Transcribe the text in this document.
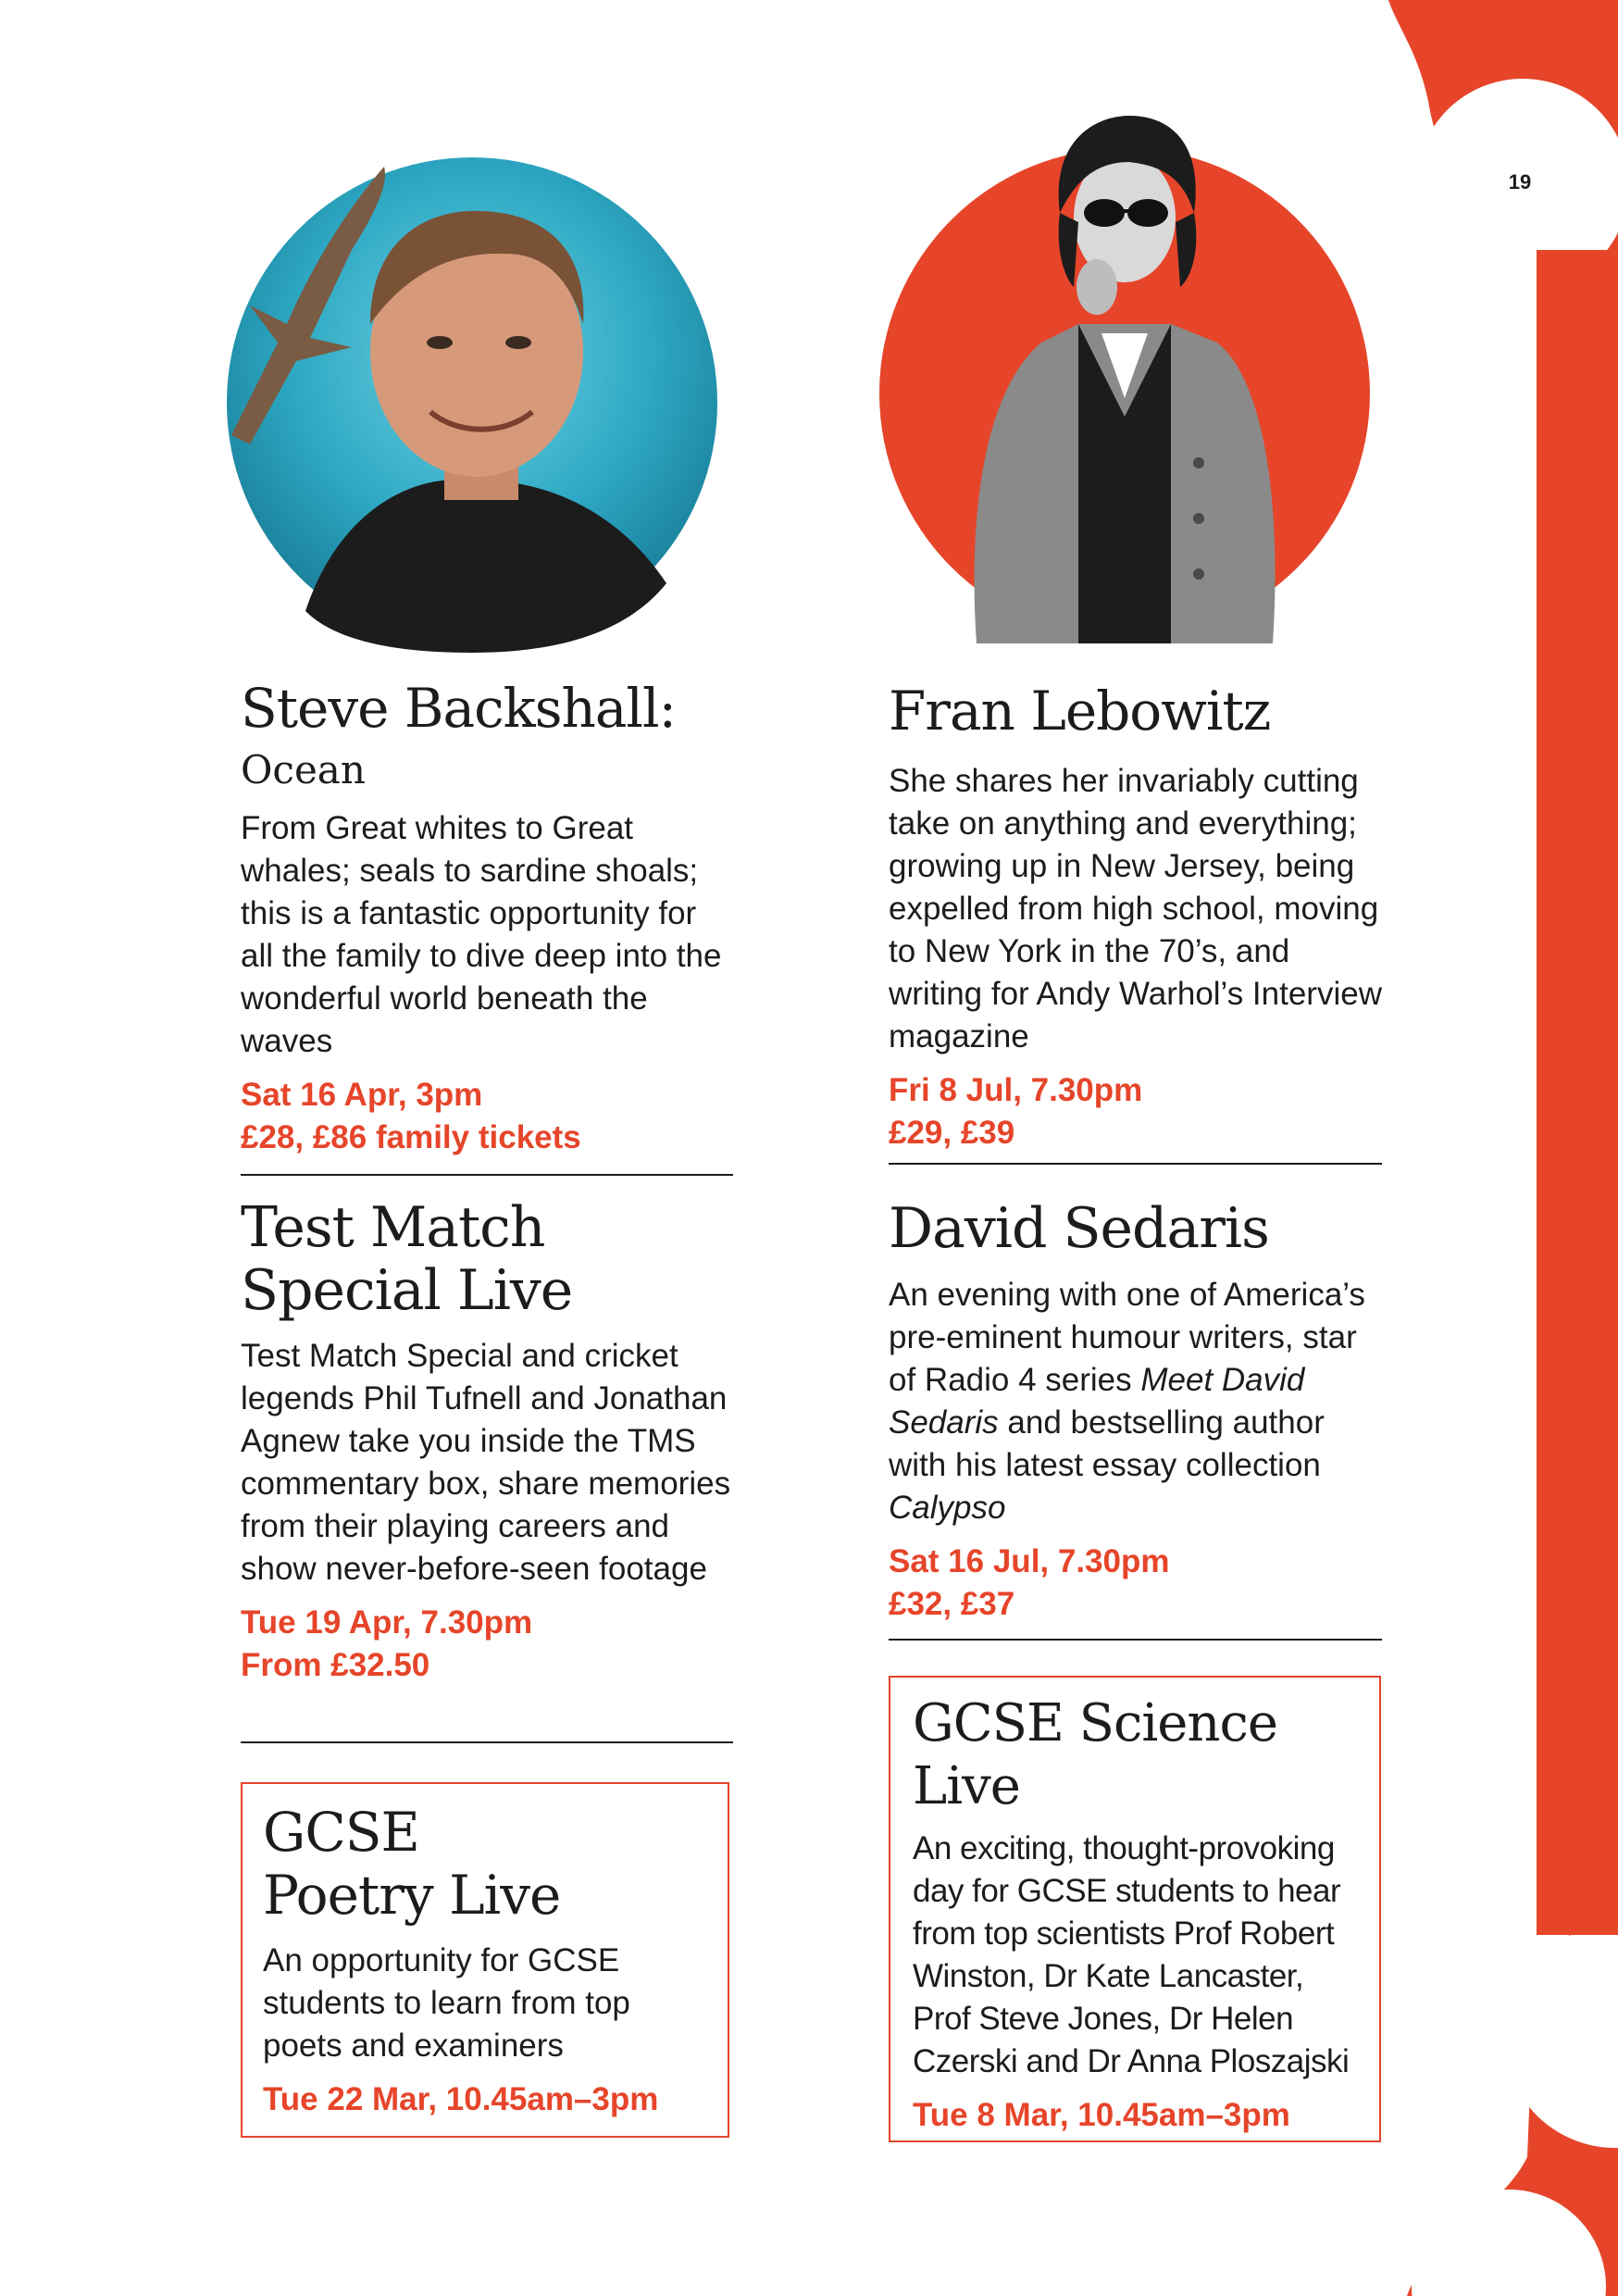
19
Steve Backshall:
Ocean

From Great whites to Great whales; seals to sardine shoals; this is a fantastic opportunity for all the family to dive deep into the wonderful world beneath the waves

Sat 16 Apr, 3pm
£28, £86 family tickets
Fran Lebowitz

She shares her invariably cutting take on anything and everything; growing up in New Jersey, being expelled from high school, moving to New York in the 70’s, and writing for Andy Warhol’s Interview magazine

Fri 8 Jul, 7.30pm
£29, £39
Test Match
Special Live

Test Match Special and cricket legends Phil Tufnell and Jonathan Agnew take you inside the TMS commentary box, share memories from their playing careers and show never-before-seen footage

Tue 19 Apr, 7.30pm
From £32.50
David Sedaris

An evening with one of America’s pre-eminent humour writers, star of Radio 4 series Meet David Sedaris and bestselling author with his latest essay collection Calypso

Sat 16 Jul, 7.30pm
£32, £37
GCSE
Poetry Live

An opportunity for GCSE students to learn from top poets and examiners

Tue 22 Mar, 10.45am–3pm
GCSE Science Live

An exciting, thought-provoking day for GCSE students to hear from top scientists Prof Robert Winston, Dr Kate Lancaster, Prof Steve Jones, Dr Helen Czerski and Dr Anna Ploszajski

Tue 8 Mar, 10.45am–3pm
